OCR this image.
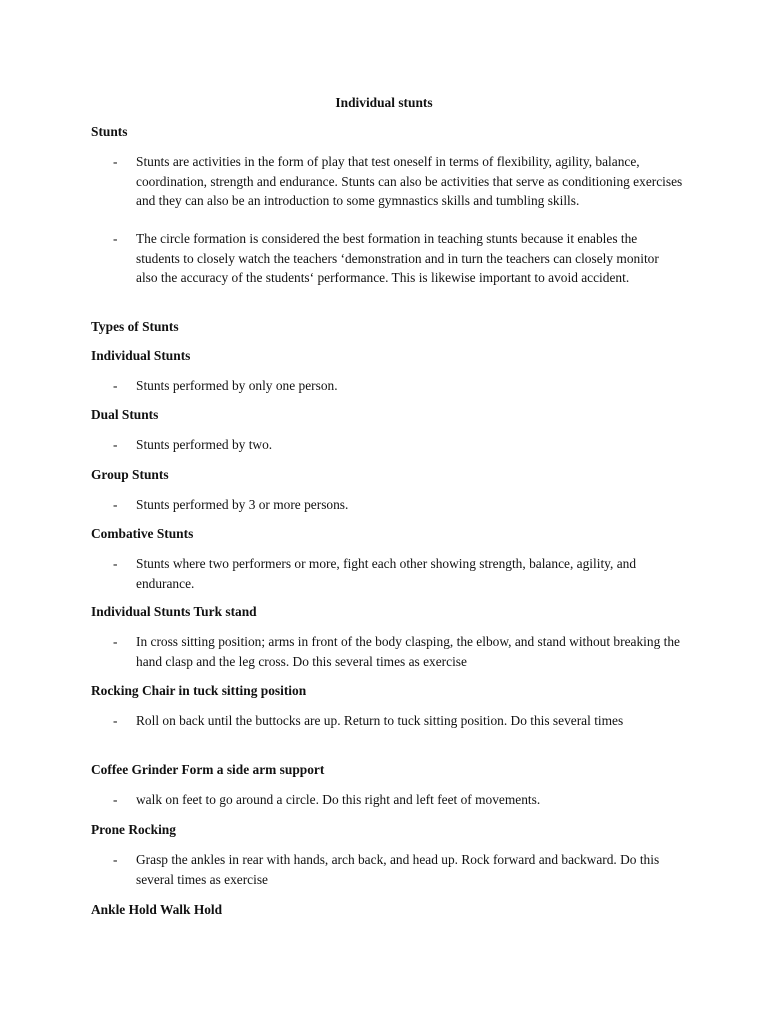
Individual stunts
Stunts
-	Stunts are activities in the form of play that test oneself in terms of flexibility, agility, balance, coordination, strength and endurance. Stunts can also be activities that serve as conditioning exercises and they can also be an introduction to some gymnastics skills and tumbling skills.
-	The circle formation is considered the best formation in teaching stunts because it enables the students to closely watch the teachers ‘demonstration and in turn the teachers can closely monitor also the accuracy of the students‘ performance. This is likewise important to avoid accident.
Types of Stunts
Individual Stunts
-	Stunts performed by only one person.
Dual Stunts
-	Stunts performed by two.
Group Stunts
-	Stunts performed by 3 or more persons.
Combative Stunts
-	Stunts where two performers or more, fight each other showing strength, balance, agility, and endurance.
Individual Stunts Turk stand
-	In cross sitting position; arms in front of the body clasping, the elbow, and stand without breaking the hand clasp and the leg cross. Do this several times as exercise
Rocking Chair in tuck sitting position
-	Roll on back until the buttocks are up. Return to tuck sitting position. Do this several times
Coffee Grinder Form a side arm support
-	walk on feet to go around a circle. Do this right and left feet of movements.
Prone Rocking
-	Grasp the ankles in rear with hands, arch back, and head up. Rock forward and backward. Do this several times as exercise
Ankle Hold Walk Hold
